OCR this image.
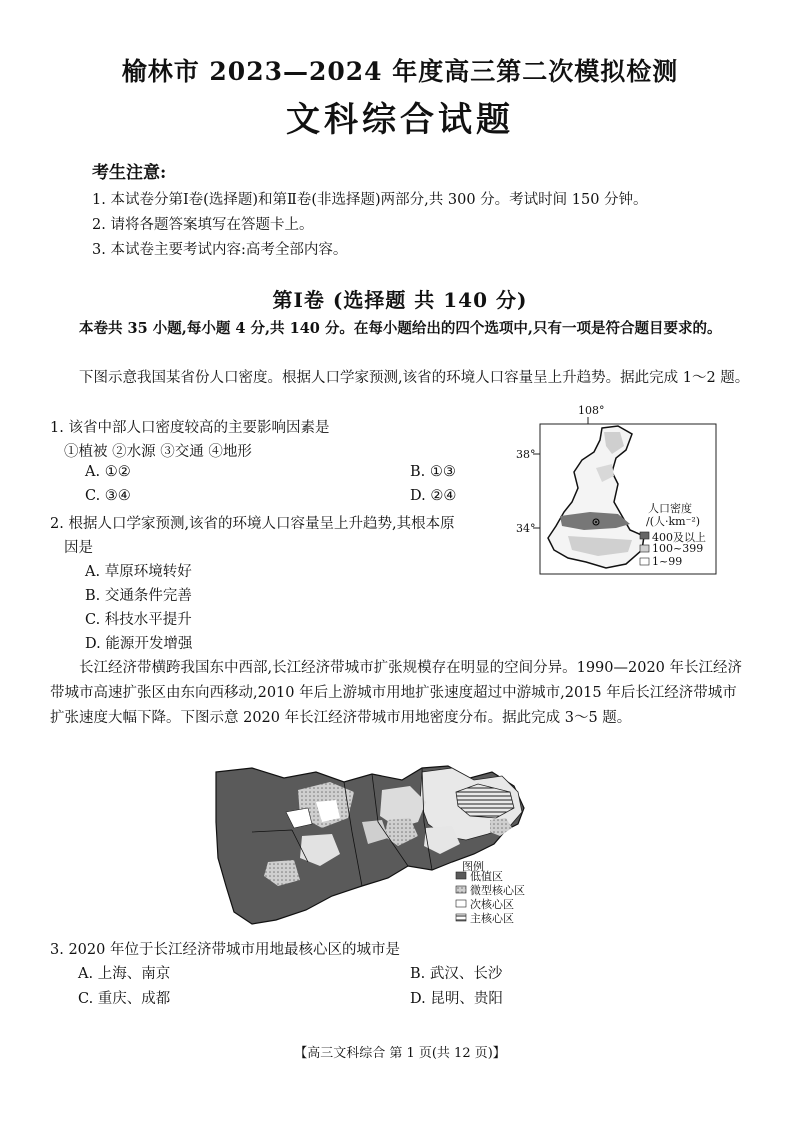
榆林市 2023—2024 年度高三第二次模拟检测
文科综合试题
考生注意:
1. 本试卷分第Ⅰ卷(选择题)和第Ⅱ卷(非选择题)两部分,共 300 分。考试时间 150 分钟。
2. 请将各题答案填写在答题卡上。
3. 本试卷主要考试内容:高考全部内容。
第Ⅰ卷 (选择题 共 140 分)
本卷共 35 小题,每小题 4 分,共 140 分。在每小题给出的四个选项中,只有一项是符合题目要求的。
下图示意我国某省份人口密度。根据人口学家预测,该省的环境人口容量呈上升趋势。据此完成 1～2 题。
1. 该省中部人口密度较高的主要影响因素是
①植被 ②水源 ③交通 ④地形
A. ①②	B. ①③
C. ③④	D. ②④
2. 根据人口学家预测,该省的环境人口容量呈上升趋势,其根本原
因是
A. 草原环境转好
B. 交通条件完善
C. 科技水平提升
D. 能源开发增强
108°
38°
34°
人口密度
/(人·km⁻²)
400及以上
100~399
1~99
长江经济带横跨我国东中西部,长江经济带城市扩张规模存在明显的空间分异。1990—2020 年长江经济带城市高速扩张区由东向西移动,2010 年后上游城市用地扩张速度超过中游城市,2015 年后长江经济带城市扩张速度大幅下降。下图示意 2020 年长江经济带城市用地密度分布。据此完成 3～5 题。
图例
低值区
微型核心区
次核心区
主核心区
3. 2020 年位于长江经济带城市用地最核心区的城市是
A. 上海、南京	B. 武汉、长沙
C. 重庆、成都	D. 昆明、贵阳
【高三文科综合 第 1 页(共 12 页)】
